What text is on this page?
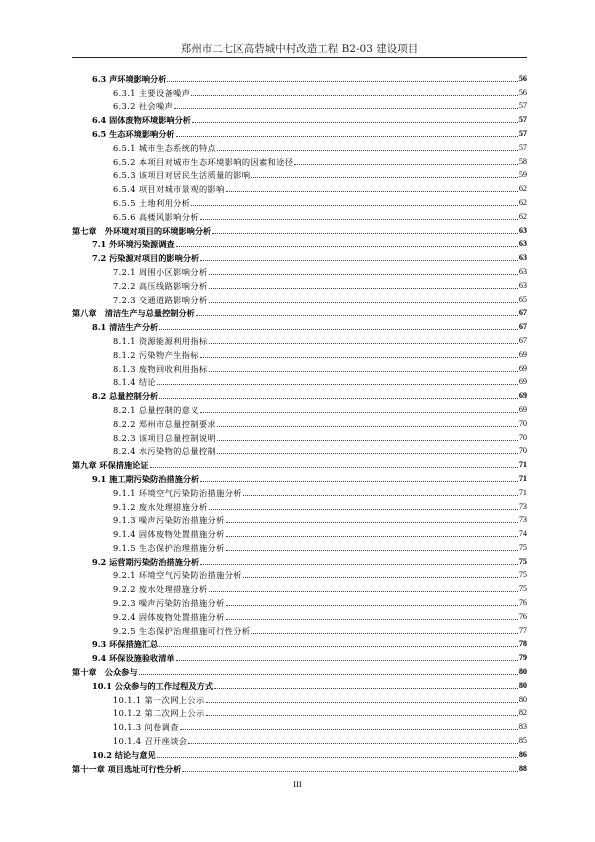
郑州市二七区高砦城中村改造工程 B2-03 建设项目
6.3 声环境影响分析	56
6.3.1 主要设备噪声	56
6.3.2 社会噪声	57
6.4 固体废物环境影响分析	57
6.5 生态环境影响分析	57
6.5.1 城市生态系统的特点	57
6.5.2 本项目对城市生态环境影响的因素和途径	58
6.5.3 该项目对居民生活质量的影响	59
6.5.4 项目对城市景观的影响	62
6.5.5 土地利用分析	62
6.5.6 高楼风影响分析	62
第七章　外环境对项目的环境影响分析	63
7.1 外环境污染源调查	63
7.2 污染源对项目的影响分析	63
7.2.1 周围小区影响分析	63
7.2.2 高压线路影响分析	63
7.2.3 交通道路影响分析	65
第八章　清洁生产与总量控制分析	67
8.1 清洁生产分析	67
8.1.1 资源能源利用指标	67
8.1.2 污染物产生指标	69
8.1.3 废物回收利用指标	69
8.1.4 结论	69
8.2 总量控制分析	69
8.2.1 总量控制的意义	69
8.2.2 郑州市总量控制要求	70
8.2.3 该项目总量控制说明	70
8.2.4 水污染物的总量控制	70
第九章 环保措施论证	71
9.1 施工期污染防治措施分析	71
9.1.1 环境空气污染防治措施分析	71
9.1.2 废水处理措施分析	73
9.1.3 噪声污染防治措施分析	73
9.1.4 固体废物处置措施分析	74
9.1.5 生态保护治理措施分析	75
9.2 运营期污染防治措施分析	75
9.2.1 环境空气污染防治措施分析	75
9.2.2 废水处理措施分析	75
9.2.3 噪声污染防治措施分析	76
9.2.4 固体废物处置措施分析	76
9.2.5 生态保护治理措施可行性分析	77
9.3 环保措施汇总	78
9.4 环保设施验收清单	79
第十章　公众参与	80
10.1 公众参与的工作过程及方式	80
10.1.1 第一次网上公示	80
10.1.2 第二次网上公示	82
10.1.3 问卷调查	83
10.1.4 召开座谈会	85
10.2 结论与意见	86
第十一章 项目选址可行性分析	88
III
